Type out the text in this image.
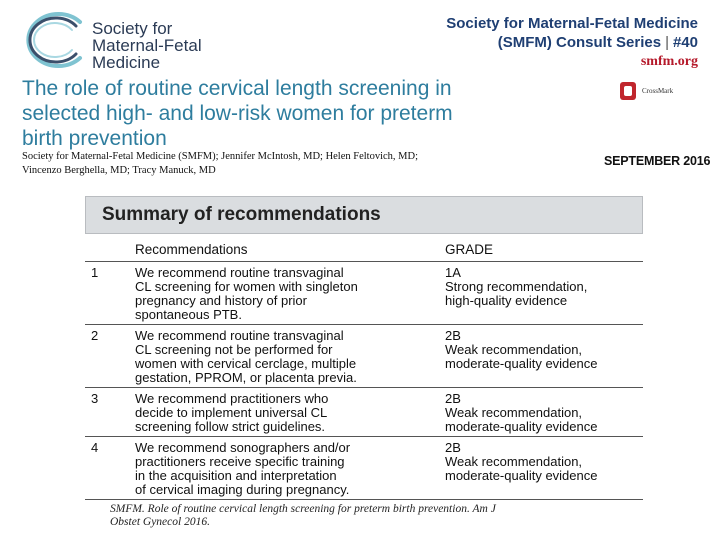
Society for
Maternal-Fetal
Medicine
Society for Maternal-Fetal Medicine
(SMFM) Consult Series | #40
smfm.org
The role of routine cervical length screening in
selected high- and low-risk women for preterm
birth prevention
CrossMark
Society for Maternal-Fetal Medicine (SMFM); Jennifer McIntosh, MD; Helen Feltovich, MD;
Vincenzo Berghella, MD; Tracy Manuck, MD
SEPTEMBER 2016
Summary of recommendations
	Recommendations	GRADE
1	We recommend routine transvaginal
CL screening for women with singleton
pregnancy and history of prior
spontaneous PTB.	1A
Strong recommendation,
high-quality evidence

2	We recommend routine transvaginal
CL screening not be performed for
women with cervical cerclage, multiple
gestation, PPROM, or placenta previa.	2B
Weak recommendation,
moderate-quality evidence

3	We recommend practitioners who
decide to implement universal CL
screening follow strict guidelines.	2B
Weak recommendation,
moderate-quality evidence

4	We recommend sonographers and/or
practitioners receive specific training
in the acquisition and interpretation
of cervical imaging during pregnancy.	2B
Weak recommendation,
moderate-quality evidence
SMFM. Role of routine cervical length screening for preterm birth prevention. Am J
Obstet Gynecol 2016.
